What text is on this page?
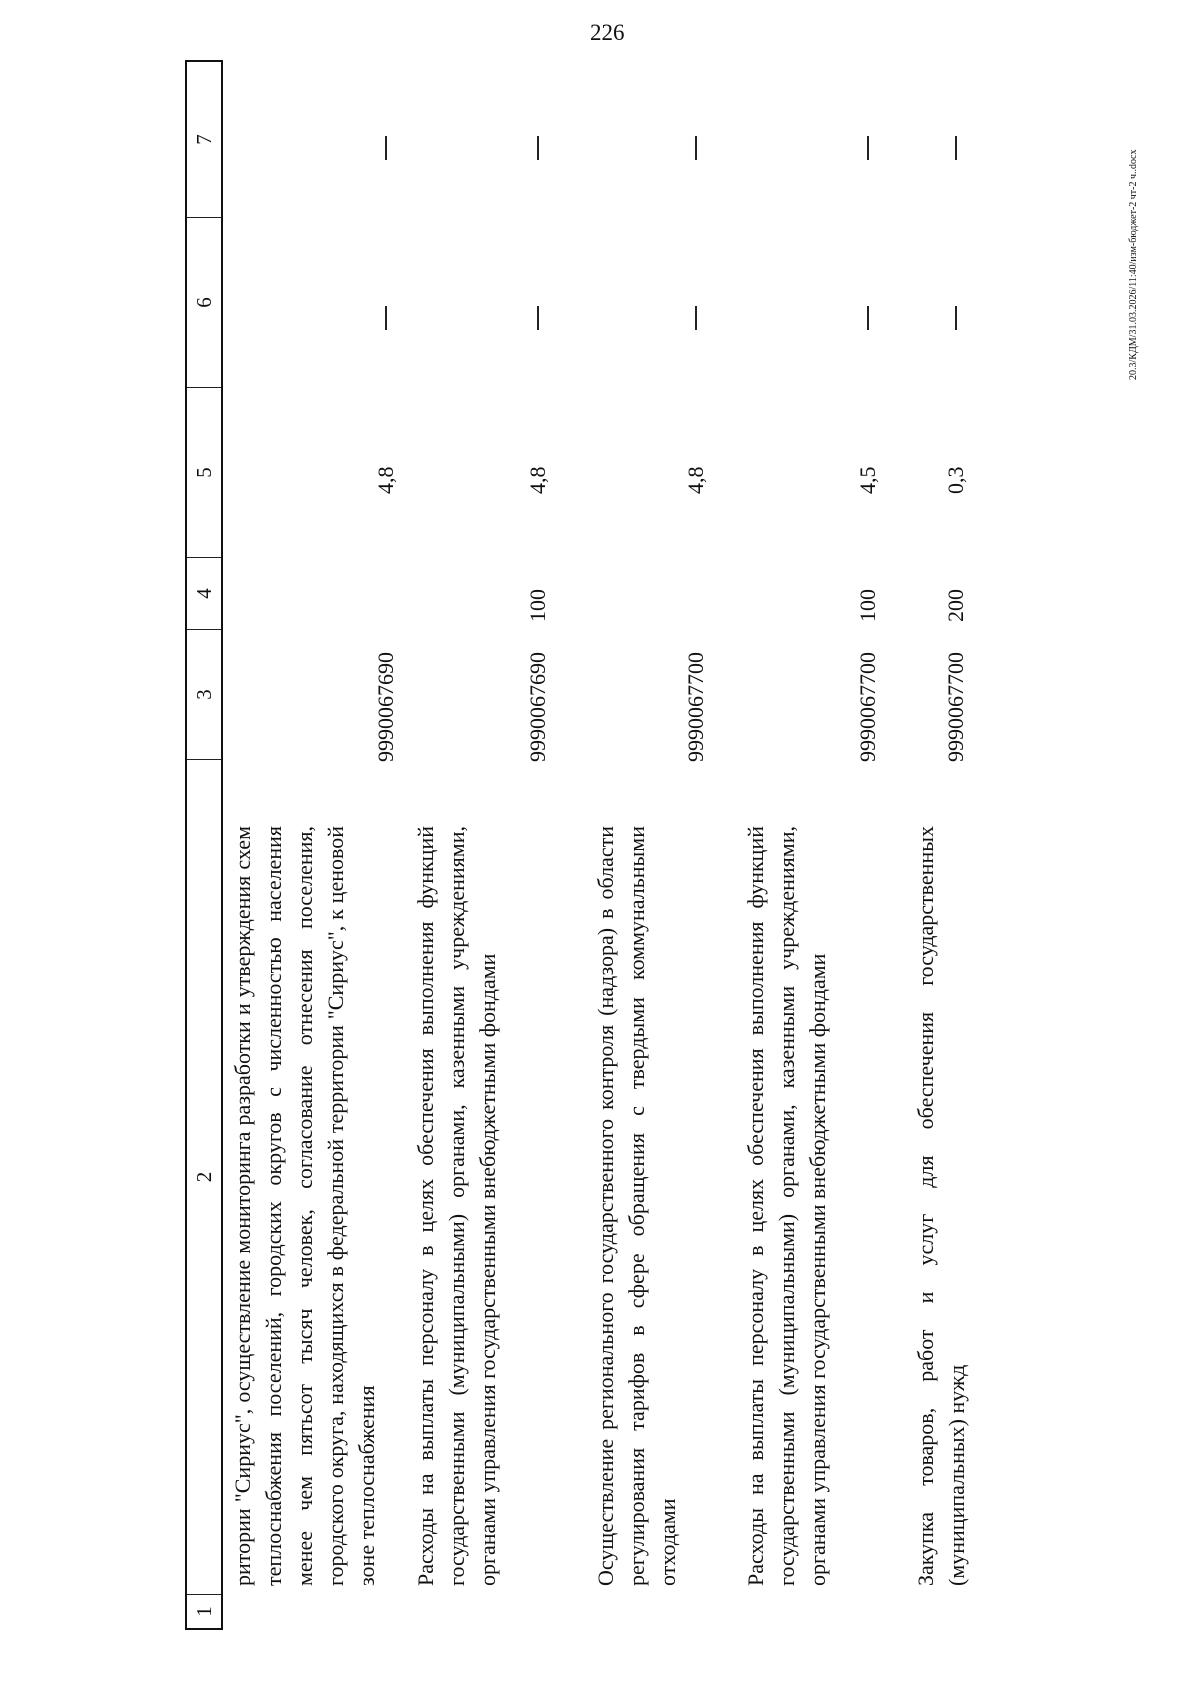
226
20.3/КДМ/31.03.2026/11:40/изм-бюджет-2 чт-2 ч..docx
1
2
3
4
5
6
7
ритории "Сириус", осуществление мониторинга разработки и утверждения схем теплоснабжения поселений, городских округов с численностью населения менее чем пятьсот тысяч человек, согласование отнесения поселения, городского округа, находящихся в федеральной территории "Сириус", к ценовой зоне теплоснабжения
9990067690
4,8
Расходы на выплаты персоналу в целях обеспечения выполнения функций государственными (муниципальными) органами, казенными учреждениями, органами управления государственными внебюджетными фондами
9990067690
100
4,8
Осуществление регионального государственного контроля (надзора) в области регулирования тарифов в сфере обращения с твердыми коммунальными отходами
9990067700
4,8
Расходы на выплаты персоналу в целях обеспечения выполнения функций государственными (муниципальными) органами, казенными учреждениями, органами управления государственными внебюджетными фондами
9990067700
100
4,5
Закупка товаров, работ и услуг для обеспечения государственных (муниципальных) нужд
9990067700
200
0,3
